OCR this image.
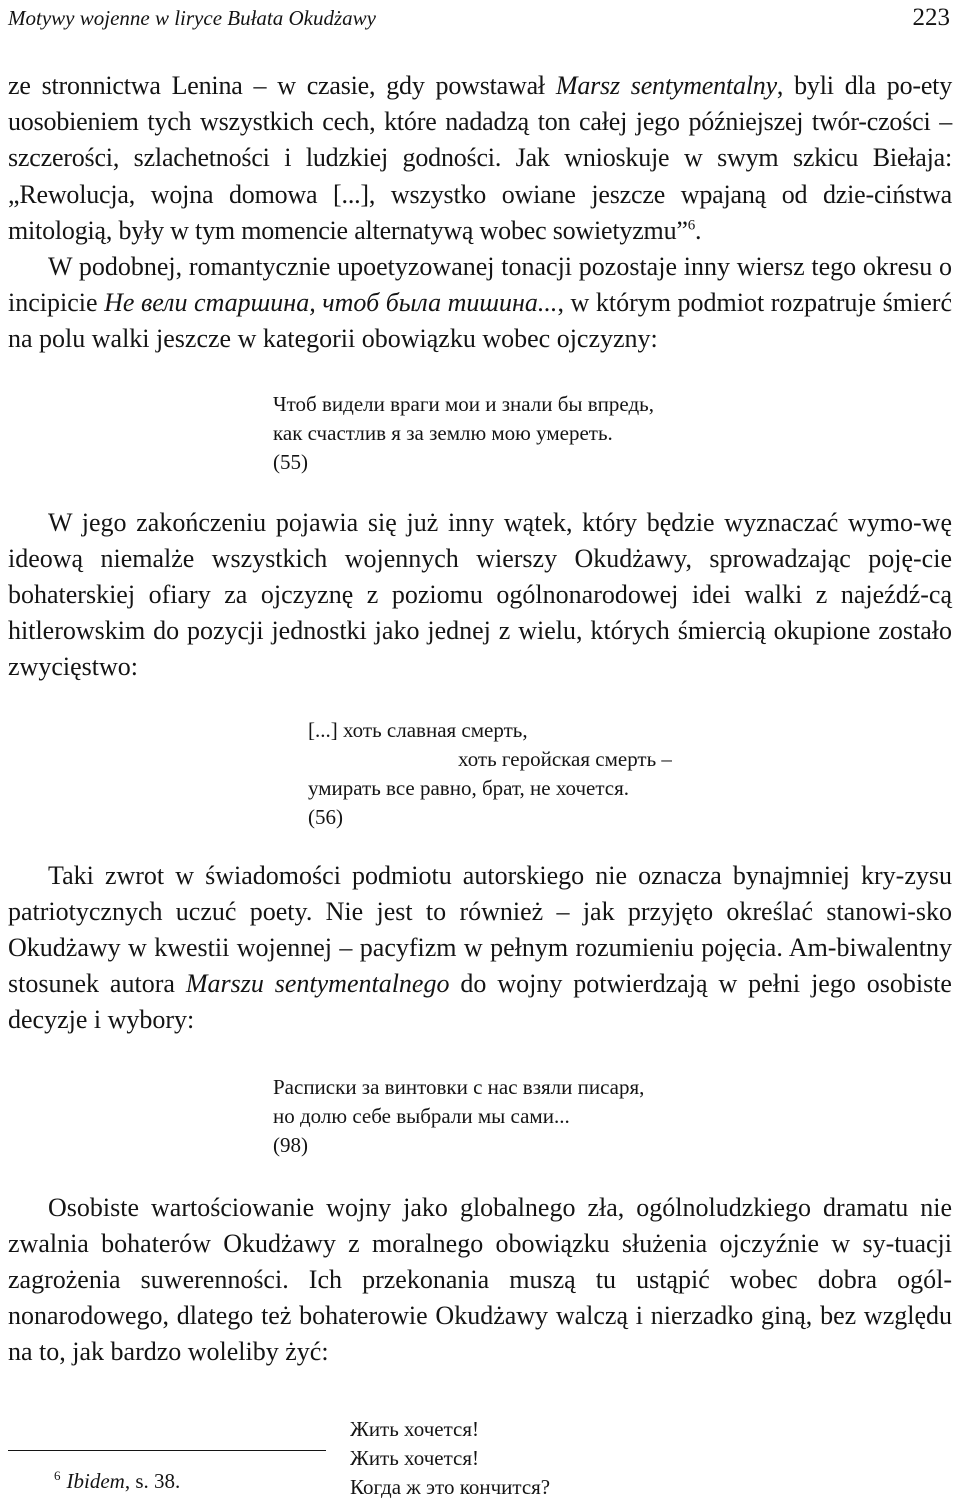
Motywy wojenne w liryce Bułata Okudżawy	223

ze stronnictwa Lenina – w czasie, gdy powstawał Marsz sentymentalny, byli dla po-ety uosobieniem tych wszystkich cech, które nadadzą ton całej jego późniejszej twór-czości – szczerości, szlachetności i ludzkiej godności. Jak wnioskuje w swym szkicu Biełaja: „Rewolucja, wojna domowa [...], wszystko owiane jeszcze wpajaną od dzie-ciństwa mitologią, były w tym momencie alternatywą wobec sowietyzmu”$^6$.

W podobnej, romantycznie upoetyzowanej tonacji pozostaje inny wiersz tego okresu o incipicie Не вели старшина, чтоб была тишина..., w którym podmiot rozpatruje śmierć na polu walki jeszcze w kategorii obowiązku wobec ojczyzny:

Чтоб видели враги мои и знали бы впредь,
как счастлив я за землю мою умереть.
(55)

W jego zakończeniu pojawia się już inny wątek, który będzie wyznaczać wymo-wę ideową niemalże wszystkich wojennych wierszy Okudżawy, sprowadzając poję-cie bohaterskiej ofiary za ojczyznę z poziomu ogólnonarodowej idei walki z najeźdź-cą hitlerowskim do pozycji jednostki jako jednej z wielu, których śmiercią okupione zostało zwycięstwo:

[...] хоть славная смерть,
хоть геройская смерть –
умирать все равно, брат, не хочется.
(56)

Taki zwrot w świadomości podmiotu autorskiego nie oznacza bynajmniej kry-zysu patriotycznych uczuć poety. Nie jest to również – jak przyjęto określać stanowi-sko Okudżawy w kwestii wojennej – pacyfizm w pełnym rozumieniu pojęcia. Am-biwalentny stosunek autora Marszu sentymentalnego do wojny potwierdzają w pełni jego osobiste decyzje i wybory:

Расписки за винтовки с нас взяли писаря,
но долю себе выбрали мы сами...
(98)

Osobiste wartościowanie wojny jako globalnego zła, ogólnoludzkiego dramatu nie zwalnia bohaterów Okudżawy z moralnego obowiązku służenia ojczyźnie w sy-tuacji zagrożenia suwerenności. Ich przekonania muszą tu ustąpić wobec dobra ogól-nonarodowego, dlatego też bohaterowie Okudżawy walczą i nierzadko giną, bez względu na to, jak bardzo woleliby żyć:

Жить хочется!
Жить хочется!
Когда ж это кончится?
$^6$ Ibidem, s. 38.
